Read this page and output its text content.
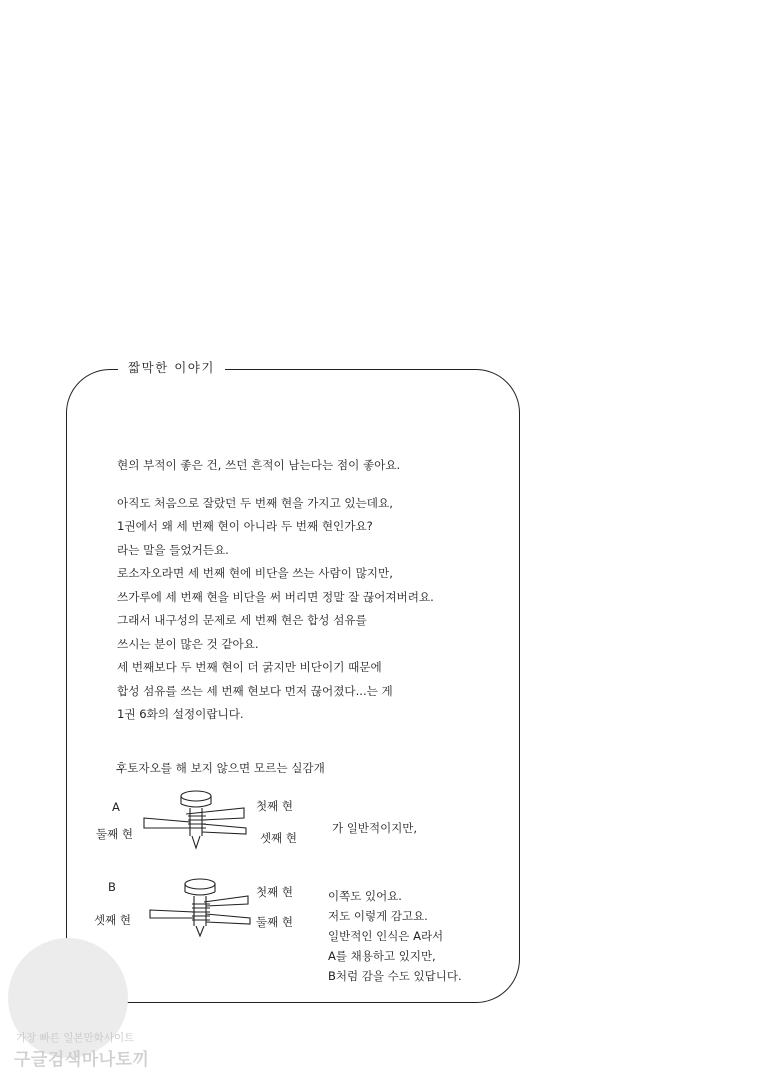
짧막한 이야기
현의 부적이 좋은 건, 쓰던 흔적이 남는다는 점이 좋아요.
아직도 처음으로 잘랐던 두 번째 현을 가지고 있는데요,
1권에서 왜 세 번째 현이 아니라 두 번째 현인가요?
라는 말을 들었거든요.
로소자오라면 세 번째 현에 비단을 쓰는 사람이 많지만,
쓰가루에 세 번째 현을 비단을 써 버리면 정말 잘 끊어져버려요.
그래서 내구성의 문제로 세 번째 현은 합성 섬유를
쓰시는 분이 많은 것 같아요.
세 번째보다 두 번째 현이 더 굵지만 비단이기 때문에
합성 섬유를 쓰는 세 번째 현보다 먼저 끊어졌다...는 게
1권 6화의 설정이랍니다.
후토자오를 해 보지 않으면 모르는 실감개
A
둘째 현
첫째 현
셋째 현
가 일반적이지만,
B
셋째 현
첫째 현
둘째 현
이쪽도 있어요.
저도 이렇게 감고요.
일반적인 인식은 A라서
A를 채용하고 있지만,
B처럼 감을 수도 있답니다.
가장 빠른 일본만화사이트
구글검색마나토끼
